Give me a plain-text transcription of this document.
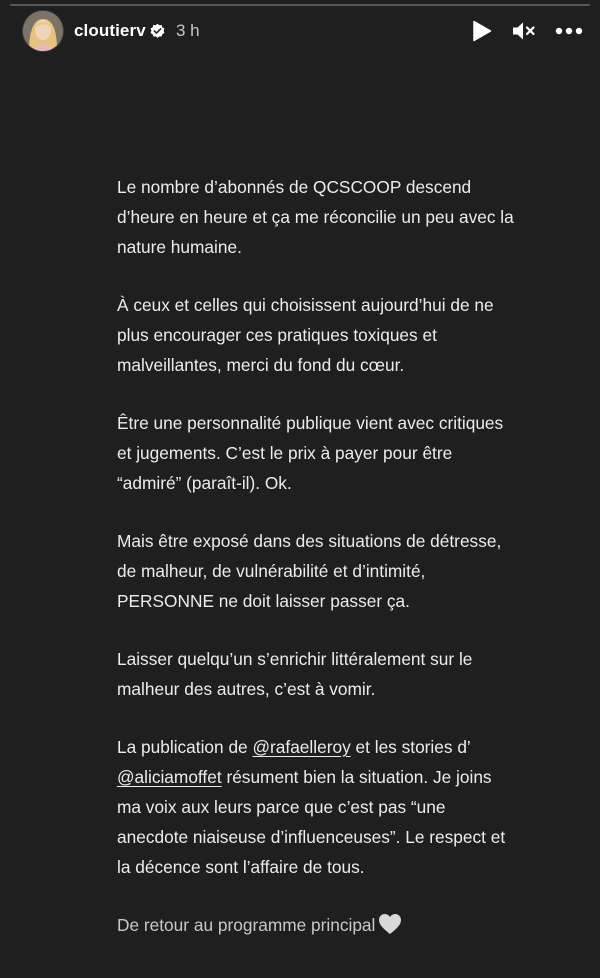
cloutierv 3 h

Le nombre d’abonnés de QCSCOOP descend
d’heure en heure et ça me réconcilie un peu avec la
nature humaine.

À ceux et celles qui choisissent aujourd’hui de ne
plus encourager ces pratiques toxiques et
malveillantes, merci du fond du cœur.

Être une personnalité publique vient avec critiques
et jugements. C’est le prix à payer pour être
“admiré” (paraît-il). Ok.

Mais être exposé dans des situations de détresse,
de malheur, de vulnérabilité et d’intimité,
PERSONNE ne doit laisser passer ça.

Laisser quelqu’un s’enrichir littéralement sur le
malheur des autres, c’est à vomir.

La publication de @rafaelleroy et les stories d’
@aliciamoffet résument bien la situation. Je joins
ma voix aux leurs parce que c’est pas “une
anecdote niaiseuse d’influenceuses”. Le respect et
la décence sont l’affaire de tous.

De retour au programme principal
